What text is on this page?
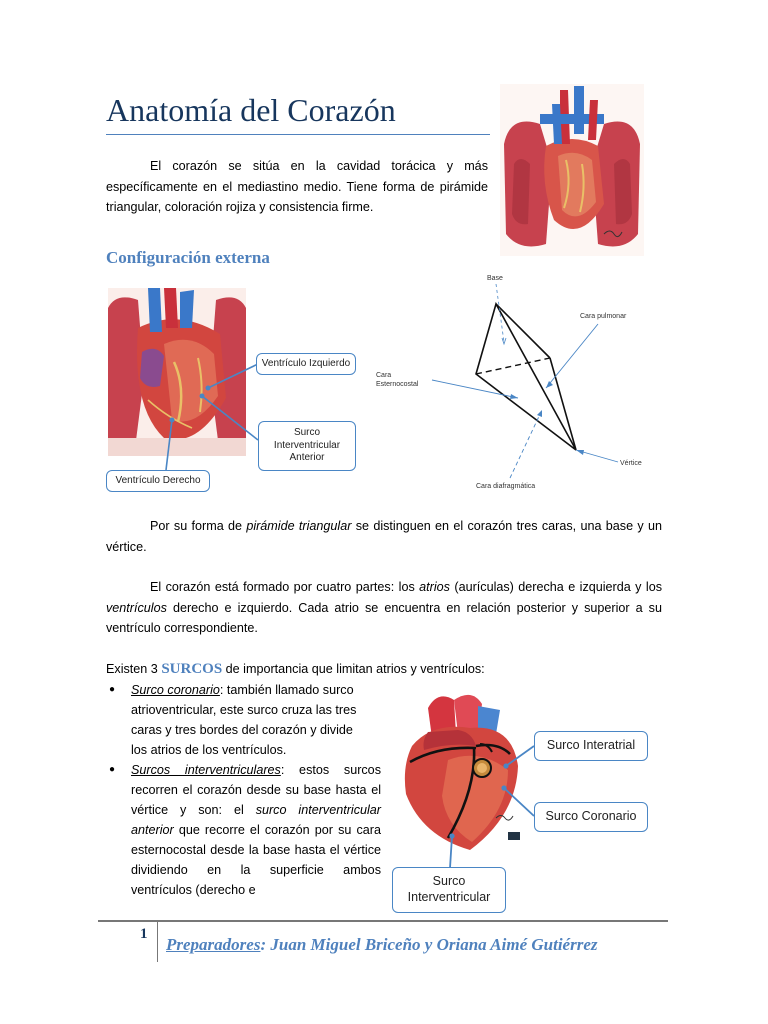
Anatomía del Corazón

El corazón se sitúa en la cavidad torácica y más específicamente en el mediastino medio. Tiene forma de pirámide triangular, coloración rojiza y consistencia firme.

Configuración externa
Ventrículo Izquierdo
Surco Interventricular Anterior
Ventrículo Derecho
Base
Cara pulmonar
Cara Esternocostal
Vértice
Cara diafragmática

Por su forma de pirámide triangular se distinguen en el corazón tres caras, una base y un vértice.

El corazón está formado por cuatro partes: los atrios (aurículas) derecha e izquierda y los ventrículos derecho e izquierdo. Cada atrio se encuentra en relación posterior y superior a su ventrículo correspondiente.

Existen 3 SURCOS de importancia que limitan atrios y ventrículos:
● Surco coronario: también llamado surco atrioventricular, este surco cruza las tres caras y tres bordes del corazón y divide los atrios de los ventrículos.
● Surcos interventriculares: estos surcos recorren el corazón desde su base hasta el vértice y son: el surco interventricular anterior que recorre el corazón por su cara esternocostal desde la base hasta el vértice dividiendo en la superficie ambos ventrículos (derecho e
Surco Interatrial
Surco Coronario
Surco Interventricular
1
Preparadores: Juan Miguel Briceño y Oriana Aimé Gutiérrez
